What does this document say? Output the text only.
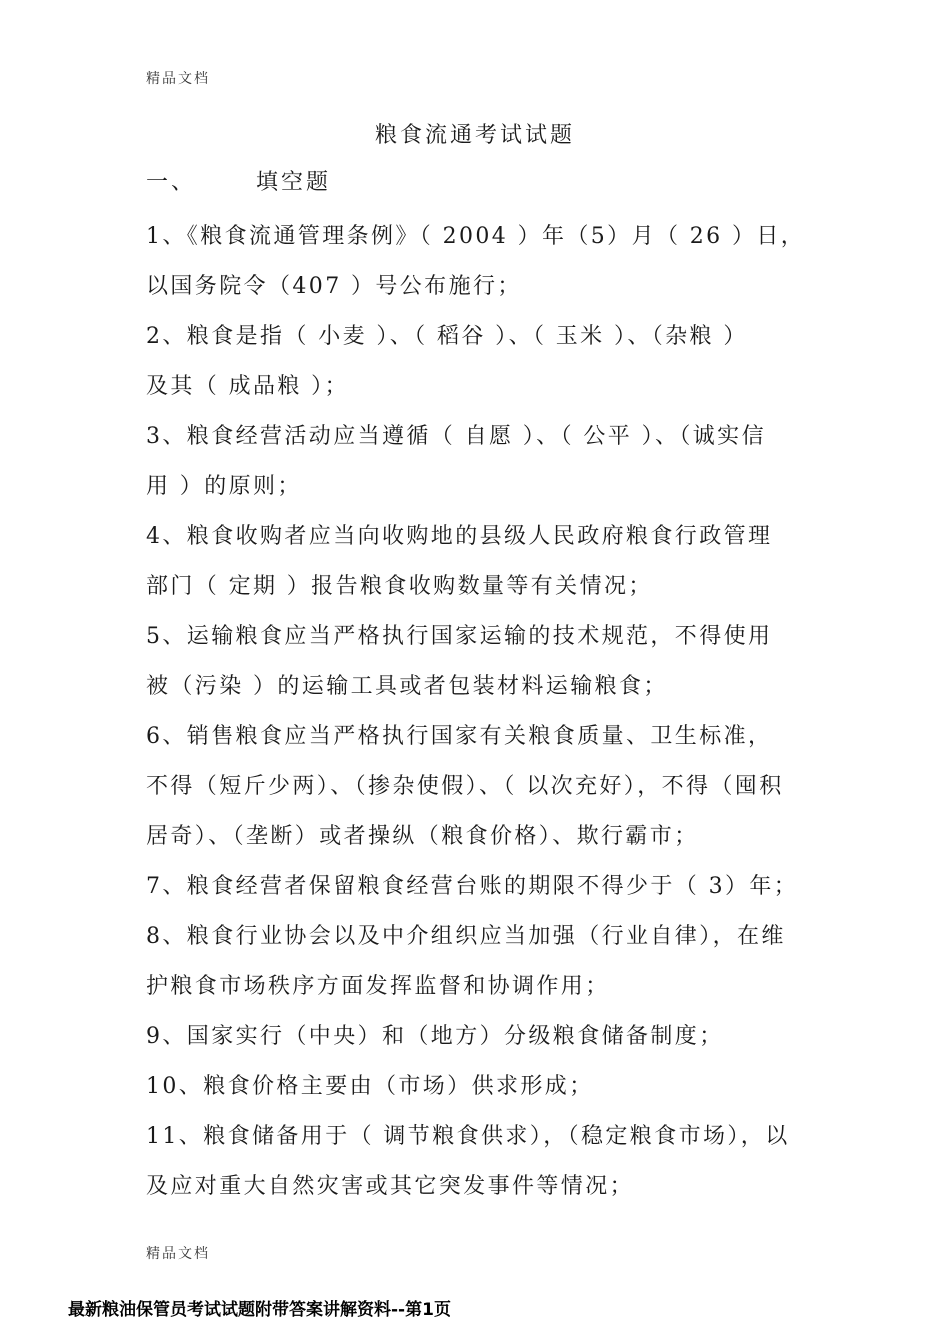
精品文档
粮食流通考试试题
一、	填空题

1、《粮食流通管理条例》（ 2004 ）年（5）月（ 26 ）日，

以国务院令（407 ）号公布施行；

2、粮食是指（ 小麦 ）、（ 稻谷 ）、（ 玉米 ）、（杂粮 ）

及其（ 成品粮 ）；

3、粮食经营活动应当遵循（ 自愿 ）、（ 公平 ）、（诚实信

用 ）的原则；

4、粮食收购者应当向收购地的县级人民政府粮食行政管理

部门（ 定期 ）报告粮食收购数量等有关情况；

5、运输粮食应当严格执行国家运输的技术规范，不得使用

被（污染 ）的运输工具或者包装材料运输粮食；

6、销售粮食应当严格执行国家有关粮食质量、卫生标准，

不得（短斤少两）、（掺杂使假）、（ 以次充好），不得（囤积

居奇）、（垄断）或者操纵（粮食价格）、欺行霸市；

7、粮食经营者保留粮食经营台账的期限不得少于（ 3）年；

8、粮食行业协会以及中介组织应当加强（行业自律），在维

护粮食市场秩序方面发挥监督和协调作用；

9、国家实行（中央）和（地方）分级粮食储备制度；

10、粮食价格主要由（市场）供求形成；

11、粮食储备用于（ 调节粮食供求），（稳定粮食市场），以

及应对重大自然灾害或其它突发事件等情况；

精品文档
最新粮油保管员考试试题附带答案讲解资料--第1页
